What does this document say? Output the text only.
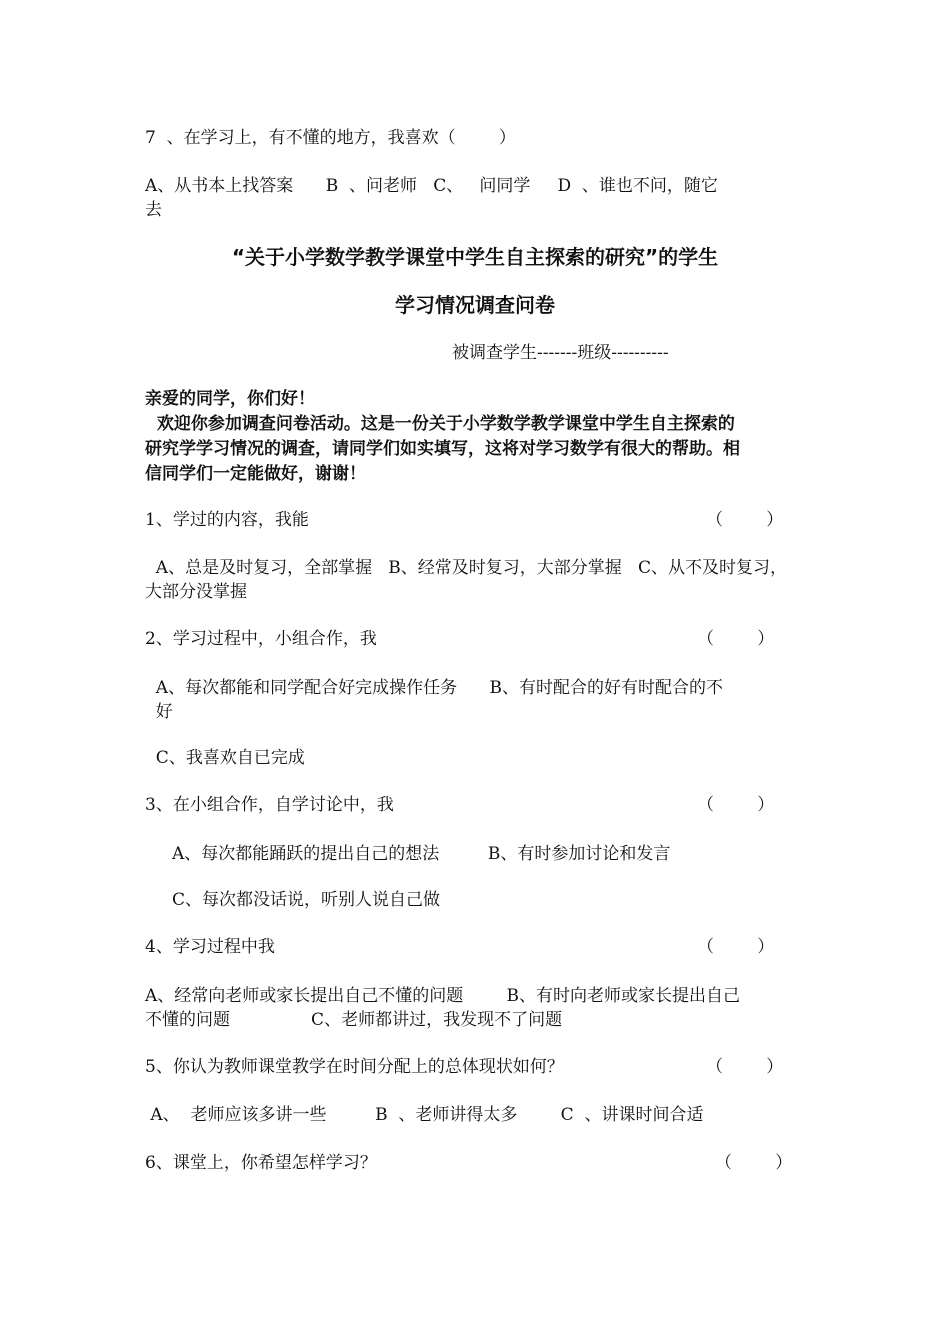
7  、在学习上，有不懂的地方，我喜欢（        ）
A、从书本上找答案      B  、问老师   C、   问同学     D  、谁也不问，随它
去
“关于小学数学教学课堂中学生自主探索的研究”的学生
学习情况调查问卷
被调查学生-------班级----------
亲爱的同学，你们好！
欢迎你参加调查问卷活动。这是一份关于小学数学教学课堂中学生自主探索的
研究学学习情况的调查，请同学们如实填写，这将对学习数学有很大的帮助。相
信同学们一定能做好，谢谢！
1、学过的内容，我能	（        ）
A、总是及时复习，全部掌握   B、经常及时复习，大部分掌握   C、从不及时复习，
大部分没掌握
2、学习过程中，小组合作，我	（        ）
A、每次都能和同学配合好完成操作任务      B、有时配合的好有时配合的不
好
C、我喜欢自已完成
3、在小组合作，自学讨论中，我	（        ）
A、每次都能踊跃的提出自己的想法         B、有时参加讨论和发言
C、每次都没话说，听别人说自己做
4、学习过程中我	（        ）
A、经常向老师或家长提出自己不懂的问题        B、有时向老师或家长提出自己
不懂的问题               C、老师都讲过，我发现不了问题
5、你认为教师课堂教学在时间分配上的总体现状如何？	（        ）
A、  老师应该多讲一些         B  、老师讲得太多        C  、讲课时间合适
6、课堂上，你希望怎样学习？	（        ）
